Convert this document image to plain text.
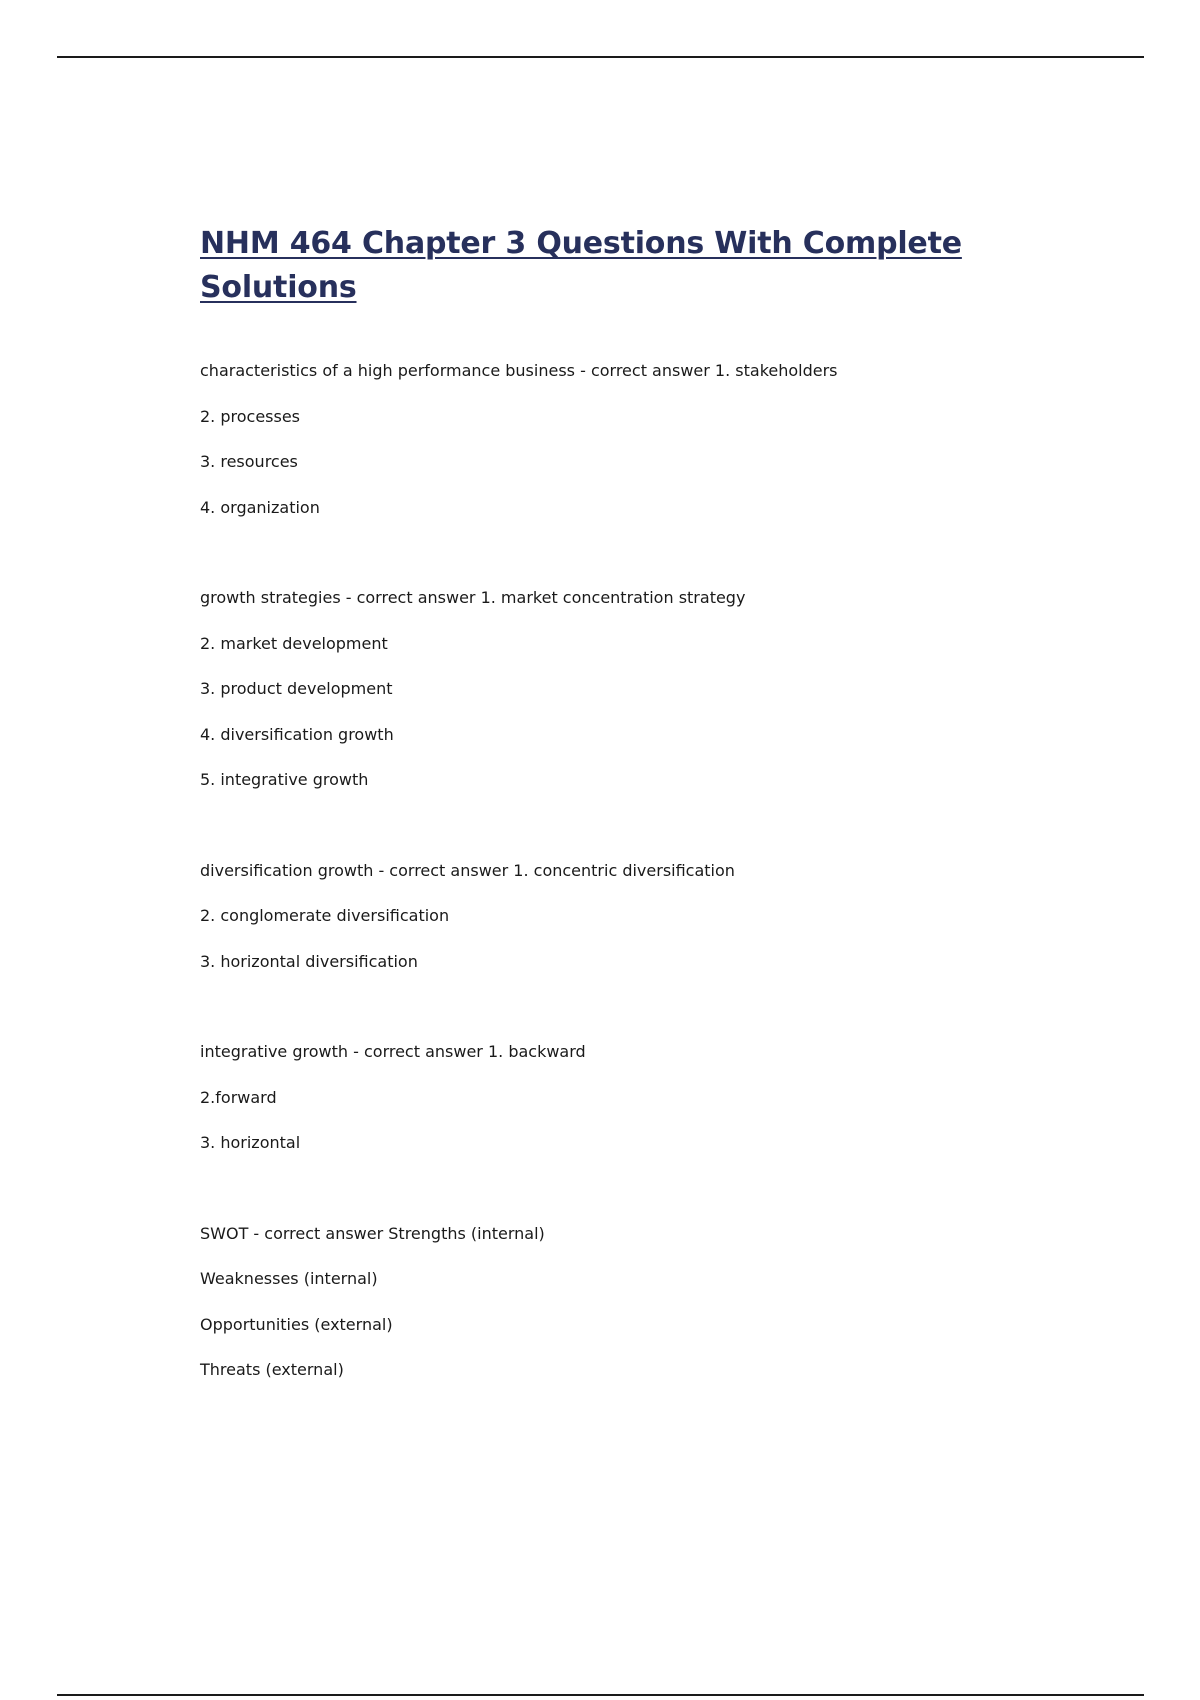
NHM 464 Chapter 3 Questions With Complete Solutions
characteristics of a high performance business - correct answer 1. stakeholders
2. processes
3. resources
4. organization
growth strategies - correct answer 1. market concentration strategy
2. market development
3. product development
4. diversification growth
5. integrative growth
diversification growth - correct answer 1. concentric diversification
2. conglomerate diversification
3. horizontal diversification
integrative growth - correct answer 1. backward
2.forward
3. horizontal
SWOT - correct answer Strengths (internal)
Weaknesses (internal)
Opportunities (external)
Threats (external)
